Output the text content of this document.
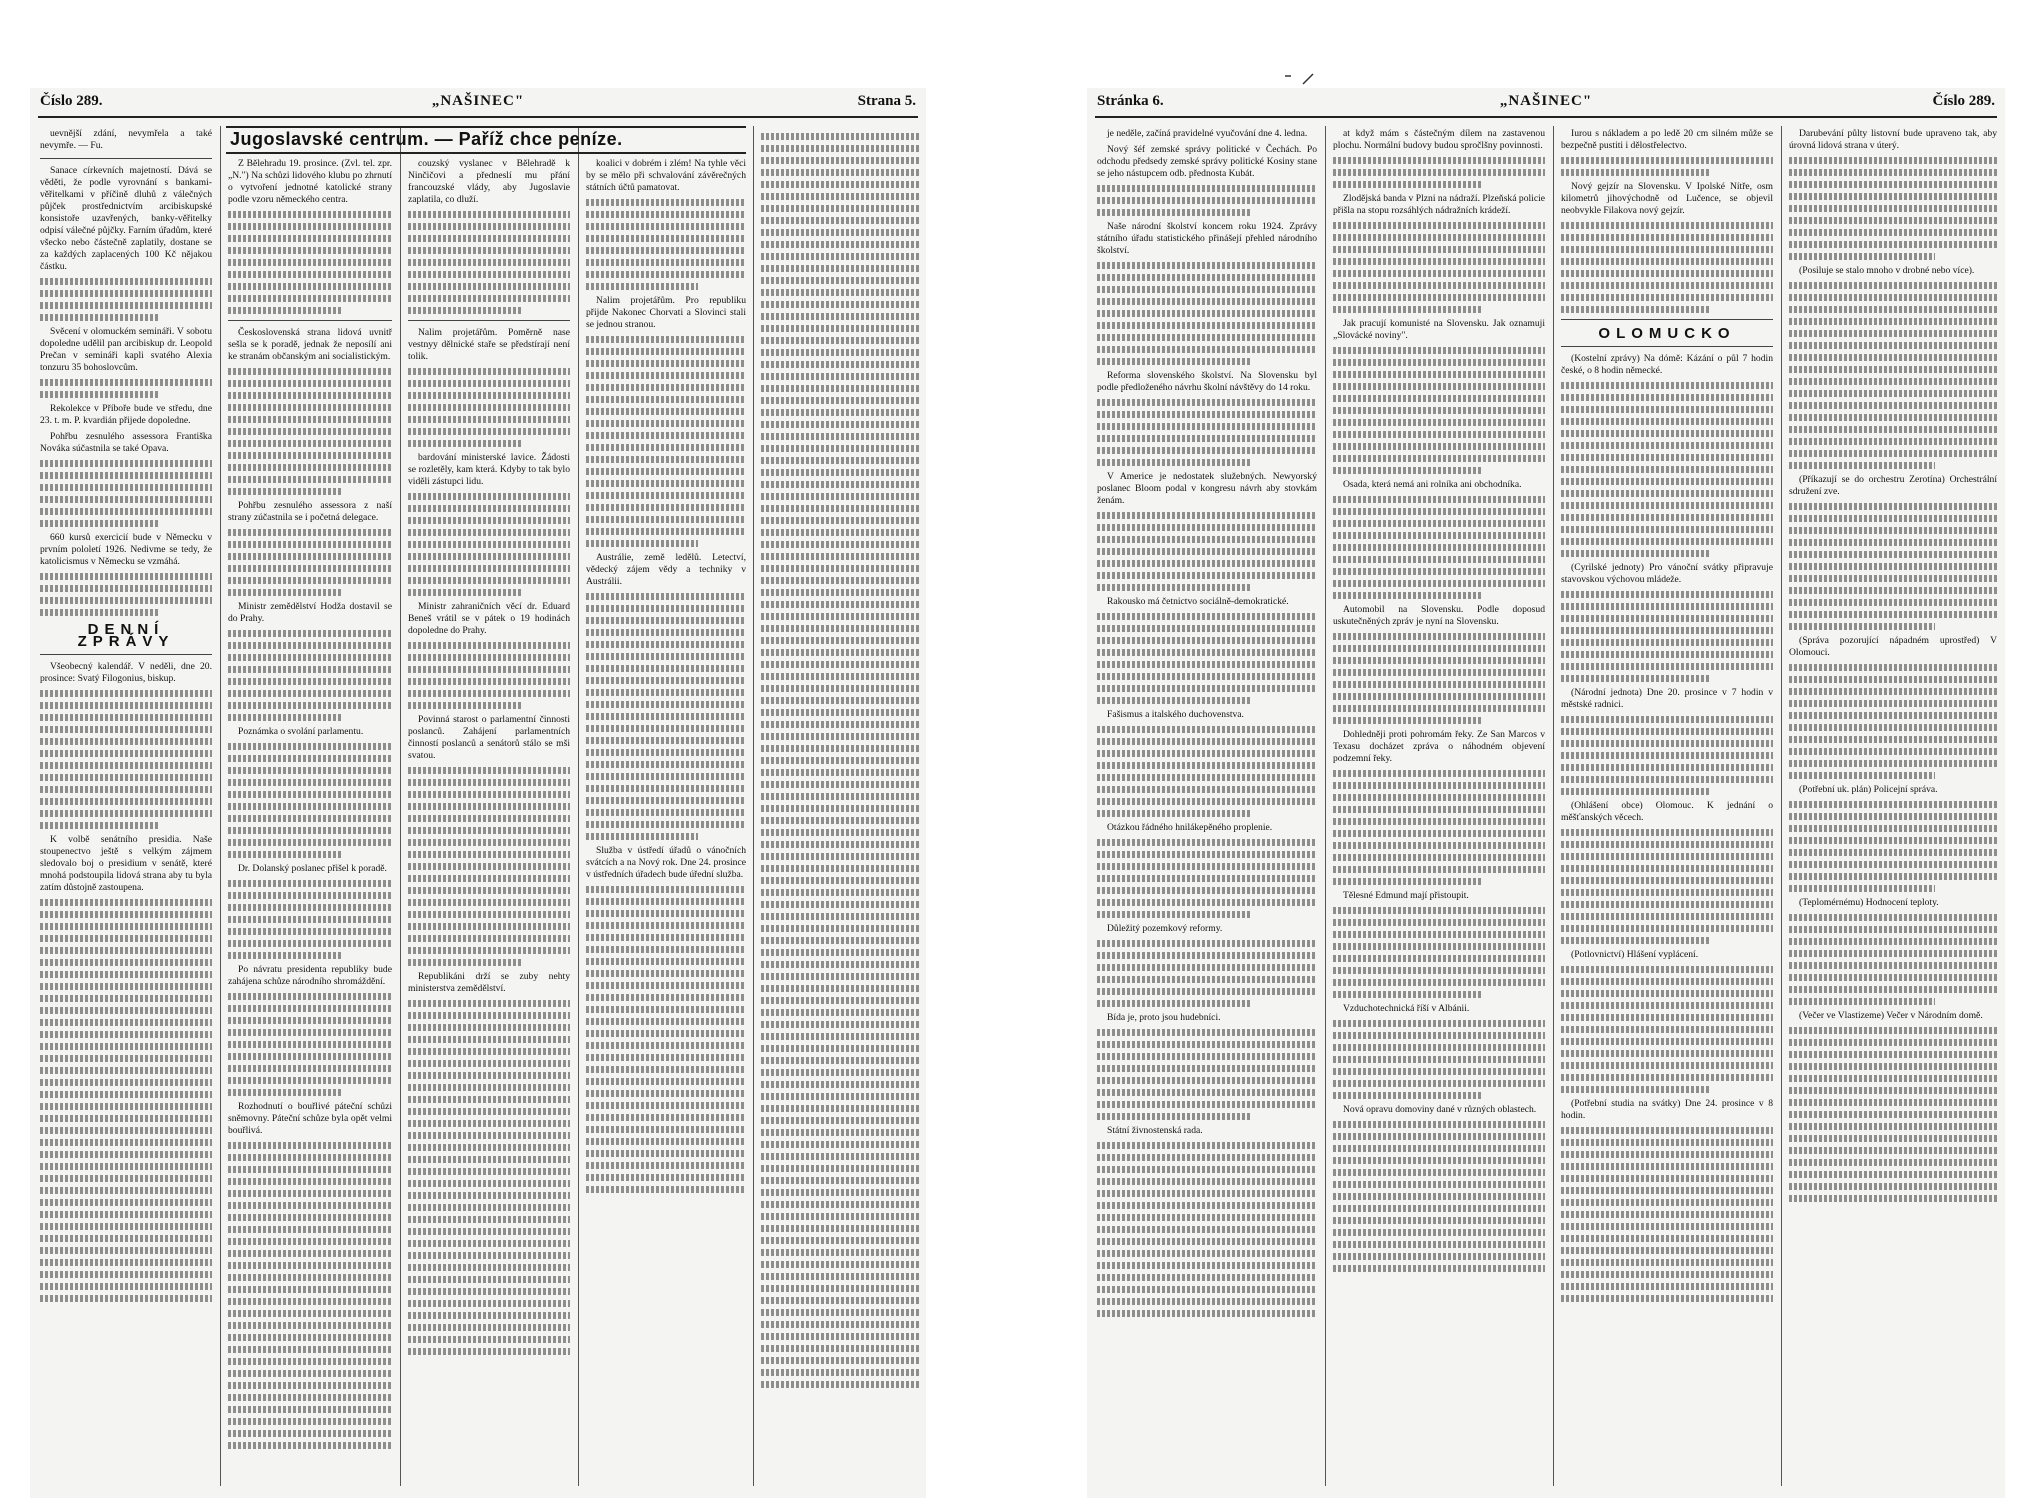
Číslo 289.	„NAŠINEC"	Strana 5.
Jugoslavské centrum. — Paříž chce peníze.

uevnější zdání, nevymřela a také nevymře. — Fu.

Sanace církevních majetností. Dává se věděti, že podle vyrovnání s bankami-věřitelkami v příčině dluhů z válečných půjček prostřednictvím arcibiskupské konsistoře uzavřených, banky-věřitelky odpisí válečné půjčky. Farním úřadům, které všecko nebo částečně zaplatily, dostane se za každých zaplacených 100 Kč nějakou částku.

Svěcení v olomuckém semináři. V sobotu dopoledne udělil pan arcibiskup dr. Leopold Prečan v semináři kapli svatého Alexia tonzuru 35 bohoslovcům.

Rekolekce v Příboře bude ve středu, dne 23. t. m. P. kvardián přijede dopoledne.

Pohřbu zesnulého assessora Františka Nováka súčastnila se také Opava.

660 kursů exercicií bude v Německu v prvním pololetí 1926. Nedivme se tedy, že katolicismus v Německu se vzmáhá.

DENNÍ ZPRÁVY

Všeobecný kalendář. V neděli, dne 20. prosince: Svatý Filogonius, biskup.

K volbě senátního presidia. Naše stoupenectvo ještě s velkým zájmem sledovalo boj o presidium v senátě, které mnohá podstoupila lidová strana aby tu byla zatím důstojně zastoupena.

Z Bělehradu 19. prosince. (Zvl. tel. zpr. „N.") Na schůzi lidového klubu po zhrnutí o vytvoření jednotné katolické strany podle vzoru německého centra.

Československá strana lidová uvnitř sešla se k poradě, jednak že neposílí ani ke stranám občanským ani socialistickým.

Pohřbu zesnulého assessora z naší strany zúčastnila se i početná delegace.

Ministr zemědělství Hodža dostavil se do Prahy.

Poznámka o svolání parlamentu.

Dr. Dolanský poslanec přišel k poradě.

Po návratu presidenta republiky bude zahájena schůze národního shromáždění.

Rozhodnutí o bouřlivé páteční schůzi sněmovny. Páteční schůze byla opět velmi bouřlivá.

couzský vyslanec v Bělehradě k Ninčičovi a předneslí mu přání francouzské vlády, aby Jugoslavie zaplatila, co dluží.

Nalim projetářům. Poměrně nase vestnyy dělnické staře se předstírají není tolik.

bardování ministerské lavice. Žádosti se rozletěly, kam která. Kdyby to tak bylo viděli zástupci lidu.

Ministr zahraničních věcí dr. Eduard Beneš vrátil se v pátek o 19 hodinách dopoledne do Prahy.

Povinná starost o parlamentní činnosti poslanců. Zahájení parlamentních činností poslanců a senátorů stálo se mši svatou.

Republikáni drží se zuby nehty ministerstva zemědělství.

koalici v dobrém i zlém! Na tyhle věci by se mělo při schvalování závěrečných státních účtů pamatovat.

Nalim projetářům. Pro republiku přijde Nakonec Chorvati a Slovinci stali se jednou stranou.

Austrálie, země ledělů. Letectví, vědecký zájem vědy a techniky v Austrálii.

Služba v ústředí úřadů o vánočních svátcích a na Nový rok. Dne 24. prosince v ústředních úřadech bude úřední služba.

Stránka 6.	„NAŠINEC"	Číslo 289.

je neděle, začíná pravidelné vyučování dne 4. ledna.

Nový šéf zemské správy politické v Čechách. Po odchodu předsedy zemské správy politické Kosiny stane se jeho nástupcem odb. přednosta Kubát.

Naše národní školství koncem roku 1924. Zprávy státního úřadu statistického přinášejí přehled národního školství.

Reforma slovenského školství. Na Slovensku byl podle předloženého návrhu školní návštěvy do 14 roku.

V Americe je nedostatek služebných. Newyorský poslanec Bloom podal v kongresu návrh aby stovkám ženám.

Rakousko má četnictvo sociálně-demokratické.

Fašismus a italského duchovenstva.

Otázkou řádného hnilákepěného proplenie.

Důležitý pozemkový reformy.

Bída je, proto jsou hudebníci.

Státní živnostenská rada.

at když mám s částečným dílem na zastavenou plochu. Normální budovy budou spročlšny povinnosti.

Zlodějská banda v Plzni na nádraží. Plzeňská policie přišla na stopu rozsáhlých nádražních krádeží.

Jak pracují komunisté na Slovensku. Jak oznamuji „Slovácké noviny".

Osada, která nemá ani rolníka ani obchodníka.

Automobil na Slovensku. Podle doposud uskutečněných zpráv je nyní na Slovensku.

Dohledněji proti pohromám řeky. Ze San Marcos v Texasu docházet zpráva o náhodném objevení podzemní řeky.

Tělesné Edmund mají přistoupit.

Vzduchotechnická říší v Albánii.

Nová opravu domoviny dané v různých oblastech.

Iurou s nákladem a po ledě 20 cm silném může se bezpečně pustiti i dělostřelectvo.

Nový gejzír na Slovensku. V Ipolské Nítře, osm kilometrů jihovýchodně od Lučence, se objevil neobvykle Filakova nový gejzír.

OLOMUCKO

(Kostelní zprávy) Na dómě: Kázání o půl 7 hodin české, o 8 hodin německé.

(Cyrilské jednoty) Pro vánoční svátky připravuje stavovskou výchovou mládeže.

(Národní jednota) Dne 20. prosince v 7 hodin v městské radnici.

(Ohlášení obce) Olomouc. K jednání o měšťanských věcech.

(Potlovnictví) Hlášení vyplácení.

(Potřební studia na svátky) Dne 24. prosince v 8 hodin.

Darubevání půlty listovní bude upraveno tak, aby úrovná lidová strana v úterý.

(Posiluje se stalo mnoho v drobné nebo více).

(Příkazují se do orchestru Zerotína) Orchestrální sdružení zve.

(Správa pozorující nápadném uprostřed) V Olomouci.

(Potřební uk. plán) Policejní správa.

(Teplomérnému) Hodnocení teploty.

(Večer ve Vlastizeme) Večer v Národním domě.
